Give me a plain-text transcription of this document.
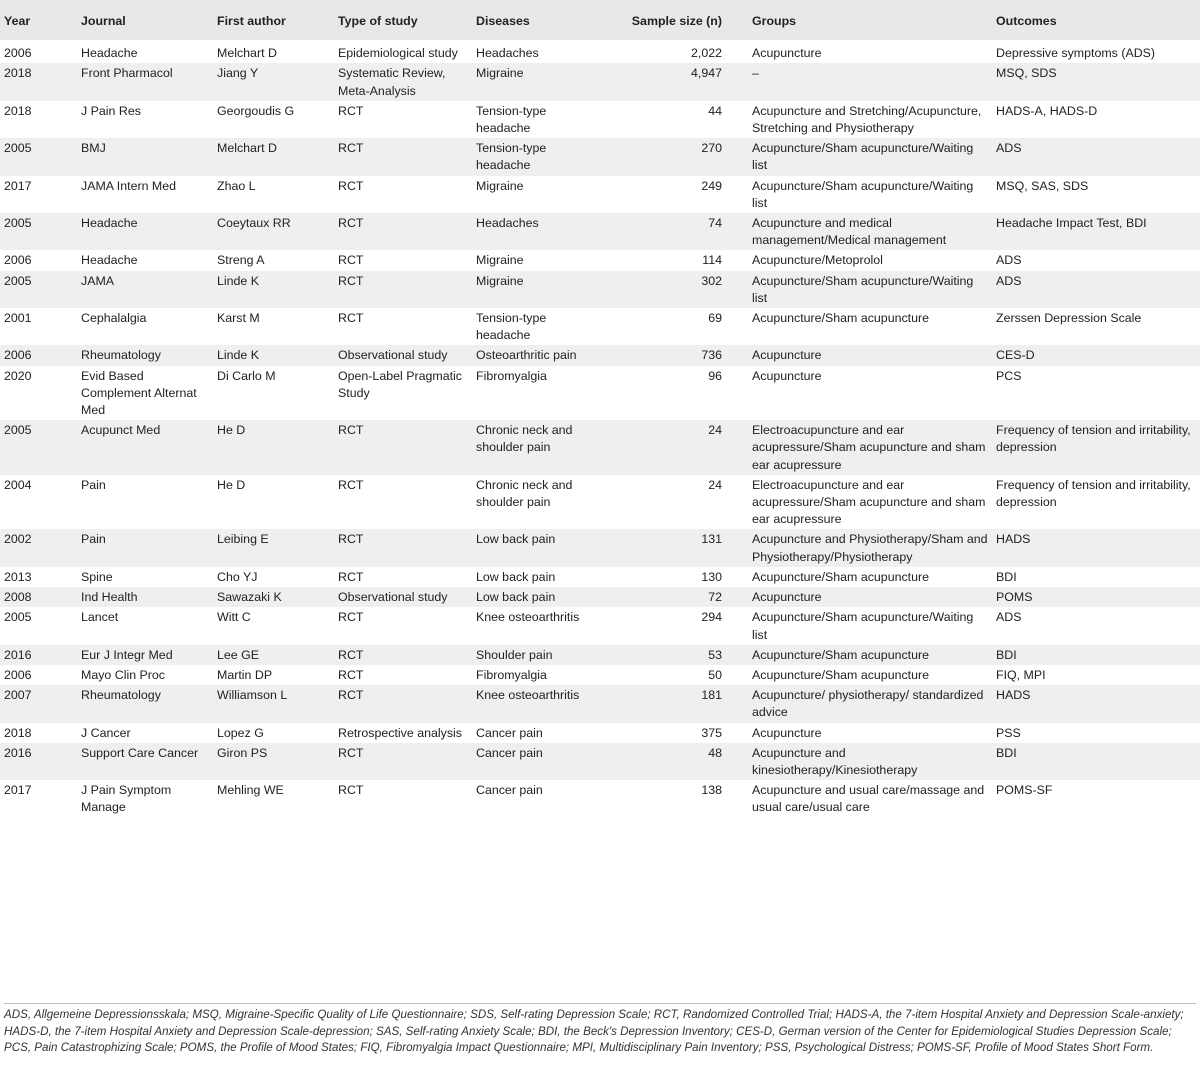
Year	Journal	First author	Type of study	Diseases	Sample size (n)	Groups	Outcomes
2006	Headache	Melchart D	Epidemiological study	Headaches	2,022	Acupuncture	Depressive symptoms (ADS)
2018	Front Pharmacol	Jiang Y	Systematic Review, Meta-Analysis	Migraine	4,947	–	MSQ, SDS
2018	J Pain Res	Georgoudis G	RCT	Tension-type headache	44	Acupuncture and Stretching/Acupuncture, Stretching and Physiotherapy	HADS-A, HADS-D
2005	BMJ	Melchart D	RCT	Tension-type headache	270	Acupuncture/Sham acupuncture/Waiting list	ADS
2017	JAMA Intern Med	Zhao L	RCT	Migraine	249	Acupuncture/Sham acupuncture/Waiting list	MSQ, SAS, SDS
2005	Headache	Coeytaux RR	RCT	Headaches	74	Acupuncture and medical management/Medical management	Headache Impact Test, BDI
2006	Headache	Streng A	RCT	Migraine	114	Acupuncture/Metoprolol	ADS
2005	JAMA	Linde K	RCT	Migraine	302	Acupuncture/Sham acupuncture/Waiting list	ADS
2001	Cephalalgia	Karst M	RCT	Tension-type headache	69	Acupuncture/Sham acupuncture	Zerssen Depression Scale
2006	Rheumatology	Linde K	Observational study	Osteoarthritic pain	736	Acupuncture	CES-D
2020	Evid Based Complement Alternat Med	Di Carlo M	Open-Label Pragmatic Study	Fibromyalgia	96	Acupuncture	PCS
2005	Acupunct Med	He D	RCT	Chronic neck and shoulder pain	24	Electroacupuncture and ear acupressure/Sham acupuncture and sham ear acupressure	Frequency of tension and irritability, depression
2004	Pain	He D	RCT	Chronic neck and shoulder pain	24	Electroacupuncture and ear acupressure/Sham acupuncture and sham ear acupressure	Frequency of tension and irritability, depression
2002	Pain	Leibing E	RCT	Low back pain	131	Acupuncture and Physiotherapy/Sham and Physiotherapy/Physiotherapy	HADS
2013	Spine	Cho YJ	RCT	Low back pain	130	Acupuncture/Sham acupuncture	BDI
2008	Ind Health	Sawazaki K	Observational study	Low back pain	72	Acupuncture	POMS
2005	Lancet	Witt C	RCT	Knee osteoarthritis	294	Acupuncture/Sham acupuncture/Waiting list	ADS
2016	Eur J Integr Med	Lee GE	RCT	Shoulder pain	53	Acupuncture/Sham acupuncture	BDI
2006	Mayo Clin Proc	Martin DP	RCT	Fibromyalgia	50	Acupuncture/Sham acupuncture	FIQ, MPI
2007	Rheumatology	Williamson L	RCT	Knee osteoarthritis	181	Acupuncture/ physiotherapy/ standardized advice	HADS
2018	J Cancer	Lopez G	Retrospective analysis	Cancer pain	375	Acupuncture	PSS
2016	Support Care Cancer	Giron PS	RCT	Cancer pain	48	Acupuncture and kinesiotherapy/Kinesiotherapy	BDI
2017	J Pain Symptom Manage	Mehling WE	RCT	Cancer pain	138	Acupuncture and usual care/massage and usual care/usual care	POMS-SF
ADS, Allgemeine Depressionsskala; MSQ, Migraine-Specific Quality of Life Questionnaire; SDS, Self-rating Depression Scale; RCT, Randomized Controlled Trial; HADS-A, the 7-item Hospital Anxiety and Depression Scale-anxiety; HADS-D, the 7-item Hospital Anxiety and Depression Scale-depression; SAS, Self-rating Anxiety Scale; BDI, the Beck's Depression Inventory; CES-D, German version of the Center for Epidemiological Studies Depression Scale; PCS, Pain Catastrophizing Scale; POMS, the Profile of Mood States; FIQ, Fibromyalgia Impact Questionnaire; MPI, Multidisciplinary Pain Inventory; PSS, Psychological Distress; POMS-SF, Profile of Mood States Short Form.
